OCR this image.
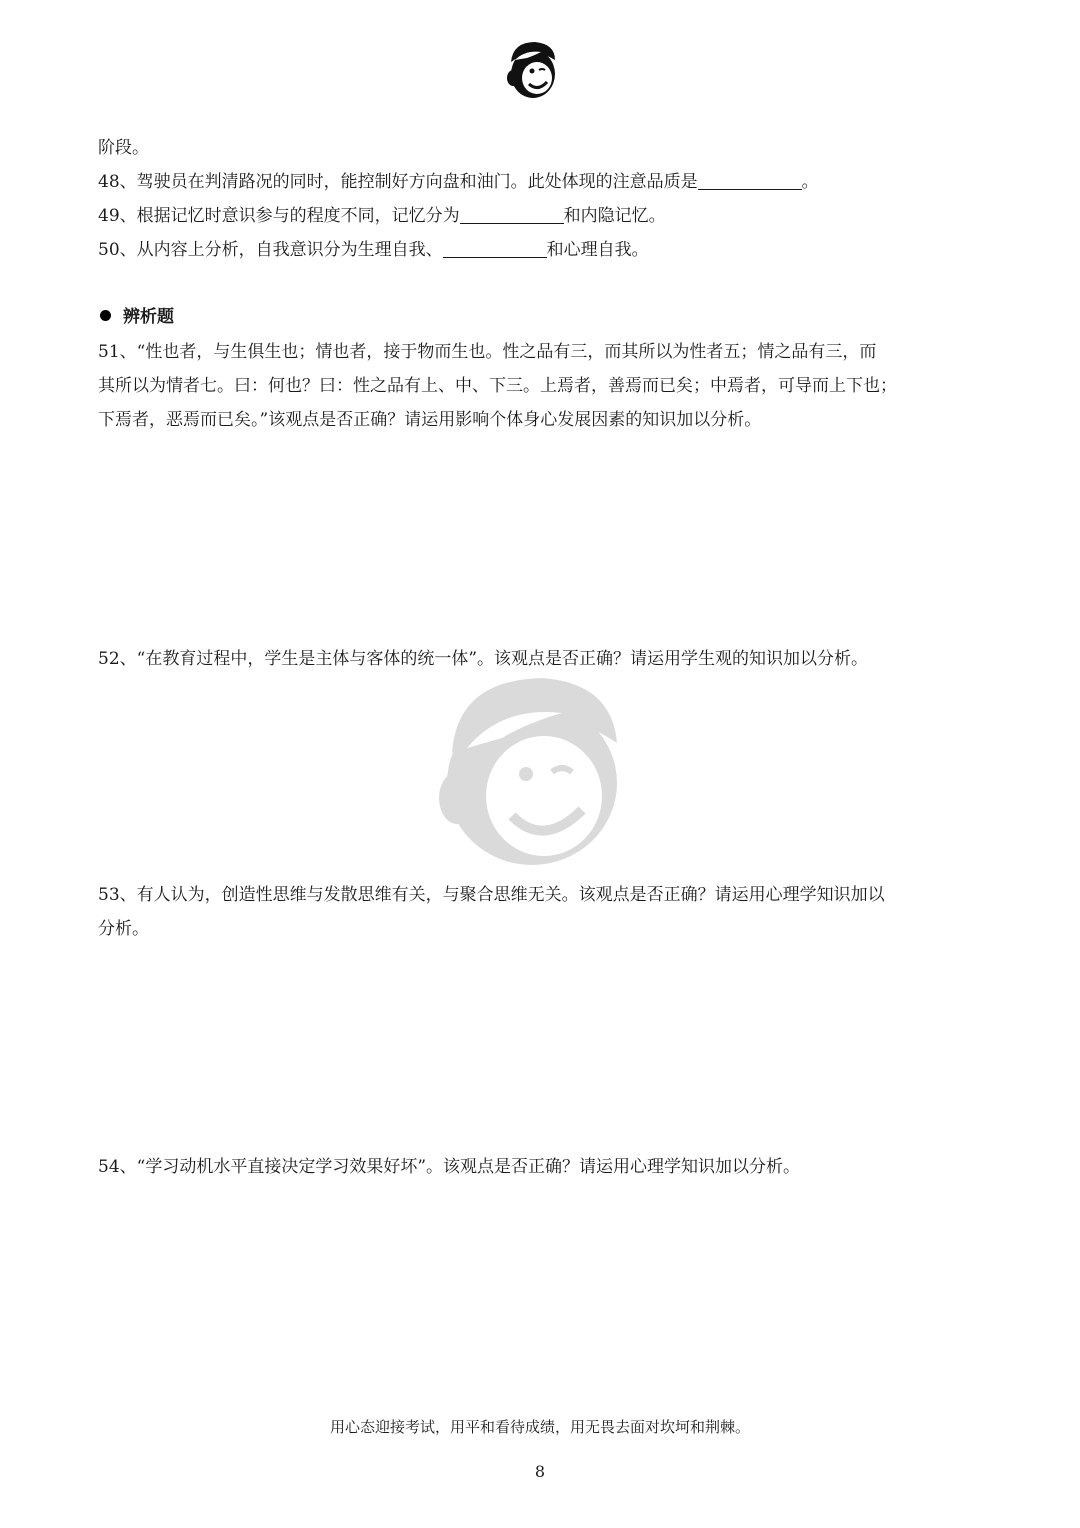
阶段。
48、驾驶员在判清路况的同时，能控制好方向盘和油门。此处体现的注意品质是	。
49、根据记忆时意识参与的程度不同，记忆分为	和内隐记忆。
50、从内容上分析，自我意识分为生理自我、	和心理自我。
辨析题
51、“性也者，与生俱生也；情也者，接于物而生也。性之品有三，而其所以为性者五；情之品有三，而
其所以为情者七。曰：何也？曰：性之品有上、中、下三。上焉者，善焉而已矣；中焉者，可导而上下也；
下焉者，恶焉而已矣。”该观点是否正确？请运用影响个体身心发展因素的知识加以分析。
52、“在教育过程中，学生是主体与客体的统一体”。该观点是否正确？请运用学生观的知识加以分析。
53、有人认为，创造性思维与发散思维有关，与聚合思维无关。该观点是否正确？请运用心理学知识加以
分析。
54、“学习动机水平直接决定学习效果好坏”。该观点是否正确？请运用心理学知识加以分析。
用心态迎接考试，用平和看待成绩，用无畏去面对坎坷和荆棘。
8
